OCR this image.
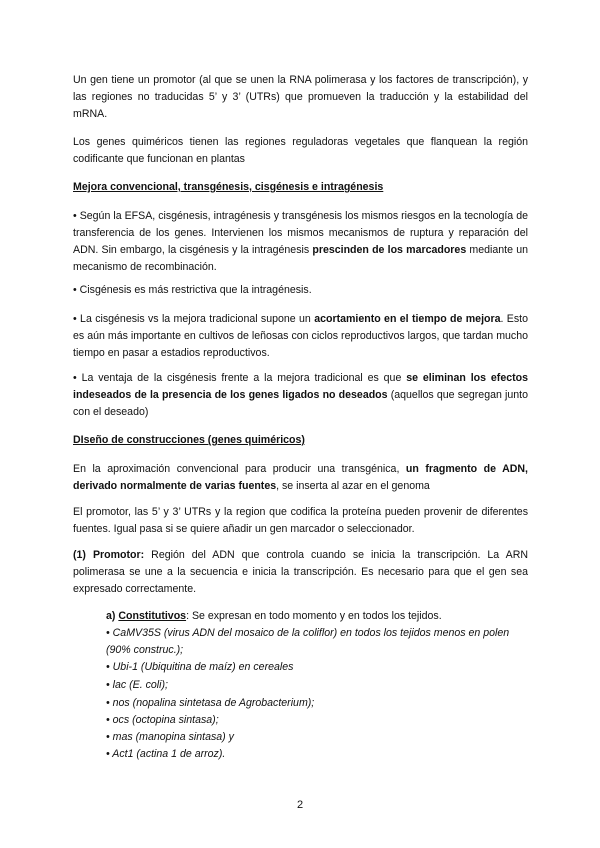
Un gen tiene un promotor (al que se unen la RNA polimerasa y los factores de transcripción), y las regiones no traducidas 5’ y 3’ (UTRs) que promueven la traducción y la estabilidad del mRNA.

Los genes quiméricos tienen las regiones reguladoras vegetales que flanquean la región codificante que funcionan en plantas

Mejora convencional, transgénesis, cisgénesis e intragénesis

• Según la EFSA, cisgénesis, intragénesis y transgénesis los mismos riesgos en la tecnología de transferencia de los genes. Intervienen los mismos mecanismos de ruptura y reparación del ADN. Sin embargo, la cisgénesis y la intragénesis prescinden de los marcadores mediante un mecanismo de recombinación.

• Cisgénesis es más restrictiva que la intragénesis.

• La cisgénesis vs la mejora tradicional supone un acortamiento en el tiempo de mejora. Esto es aún más importante en cultivos de leñosas con ciclos reproductivos largos, que tardan mucho tiempo en pasar a estadios reproductivos.

• La ventaja de la cisgénesis frente a la mejora tradicional es que se eliminan los efectos indeseados de la presencia de los genes ligados no deseados (aquellos que segregan junto con el deseado)

DIseño de construcciones (genes quiméricos)

En la aproximación convencional para producir una transgénica, un fragmento de ADN, derivado normalmente de varias fuentes, se inserta al azar en el genoma

El promotor, las 5’ y 3’ UTRs y la region que codifica la proteína pueden provenir de diferentes fuentes. Igual pasa si se quiere añadir un gen marcador o seleccionador.

(1) Promotor: Región del ADN que controla cuando se inicia la transcripción. La ARN polimerasa se une a la secuencia e inicia la transcripción. Es necesario para que el gen sea expresado correctamente.

a) Constitutivos: Se expresan en todo momento y en todos los tejidos.

• CaMV35S (virus ADN del mosaico de la coliflor) en todos los tejidos menos en polen (90% construc.);

• Ubi-1 (Ubiquitina de maíz) en cereales

• lac (E. coli);

• nos (nopalina sintetasa de Agrobacterium);

• ocs (octopina sintasa);

• mas (manopina sintasa) y

• Act1 (actina 1 de arroz).

2
